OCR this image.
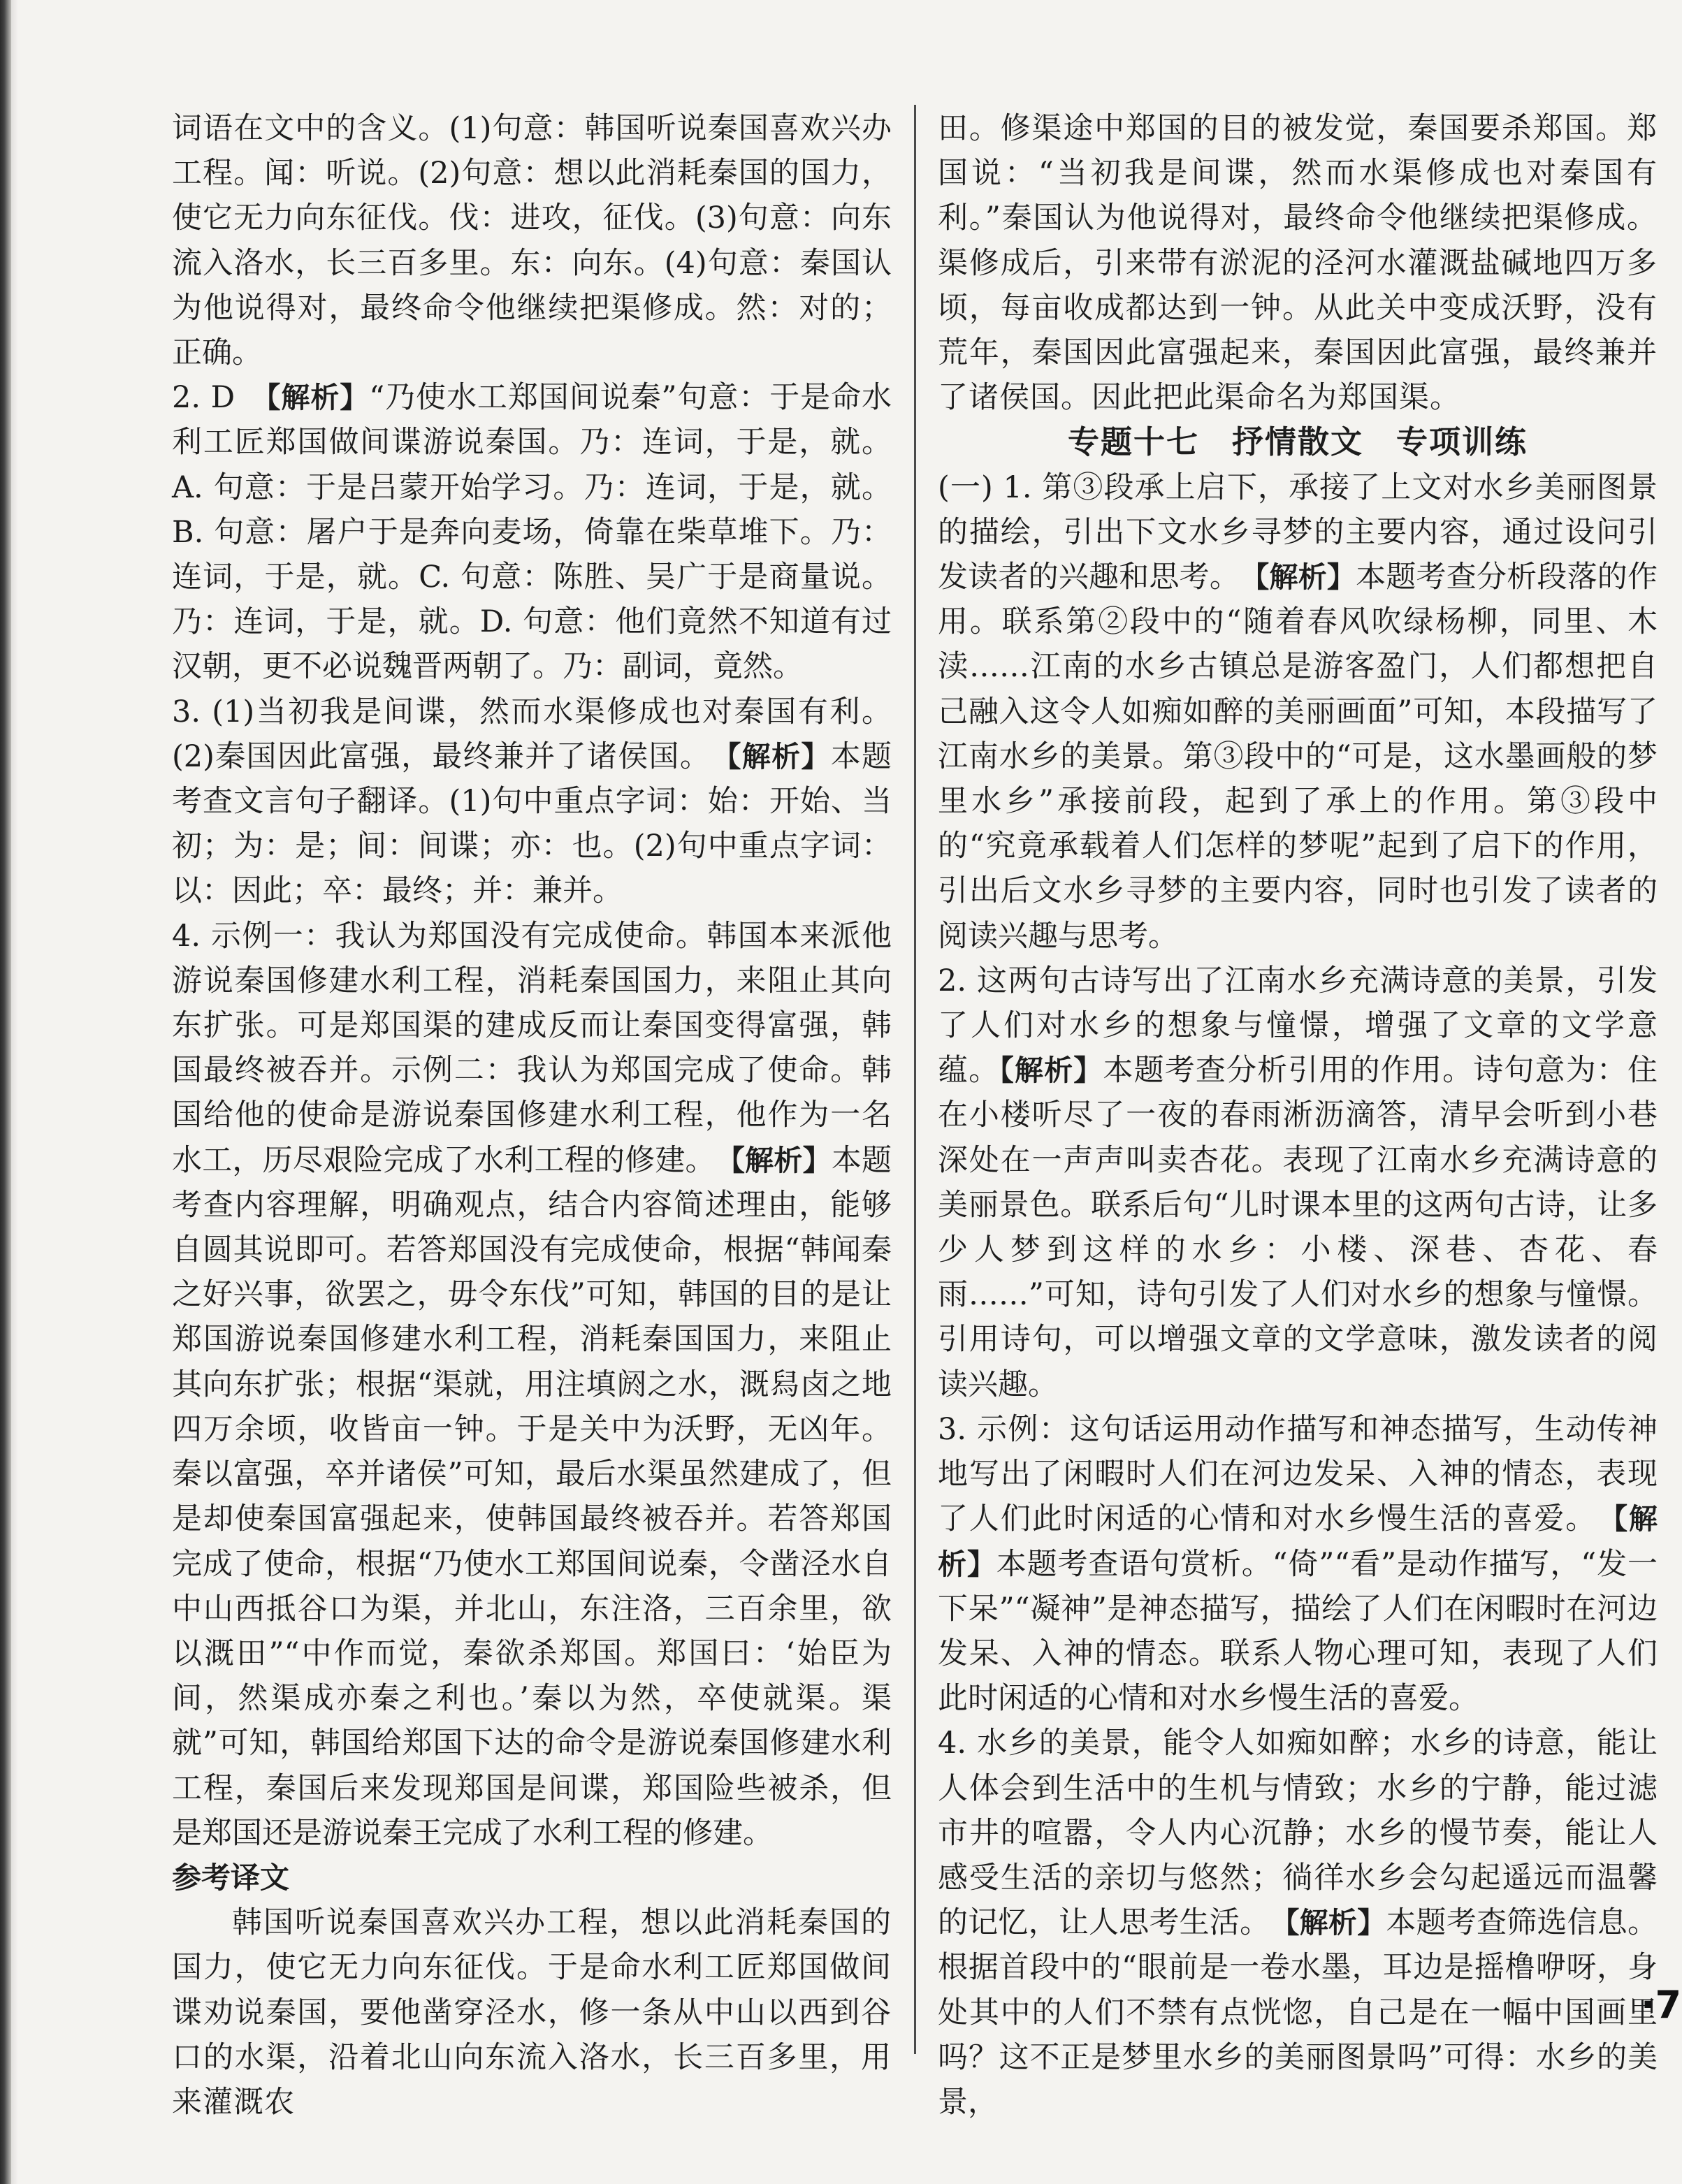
词语在文中的含义。(1)句意：韩国听说秦国喜欢兴办工程。闻：听说。(2)句意：想以此消耗秦国的国力，使它无力向东征伐。伐：进攻，征伐。(3)句意：向东流入洛水，长三百多里。东：向东。(4)句意：秦国认为他说得对，最终命令他继续把渠修成。然：对的；正确。

2. D　【解析】“乃使水工郑国间说秦”句意：于是命水利工匠郑国做间谍游说秦国。乃：连词，于是，就。A. 句意：于是吕蒙开始学习。乃：连词，于是，就。B. 句意：屠户于是奔向麦场，倚靠在柴草堆下。乃：连词，于是，就。C. 句意：陈胜、吴广于是商量说。乃：连词，于是，就。D. 句意：他们竟然不知道有过汉朝，更不必说魏晋两朝了。乃：副词，竟然。

3. (1)当初我是间谍，然而水渠修成也对秦国有利。(2)秦国因此富强，最终兼并了诸侯国。　【解析】本题考查文言句子翻译。(1)句中重点字词：始：开始、当初；为：是；间：间谍；亦：也。(2)句中重点字词：以：因此；卒：最终；并：兼并。

4. 示例一：我认为郑国没有完成使命。韩国本来派他游说秦国修建水利工程，消耗秦国国力，来阻止其向东扩张。可是郑国渠的建成反而让秦国变得富强，韩国最终被吞并。示例二：我认为郑国完成了使命。韩国给他的使命是游说秦国修建水利工程，他作为一名水工，历尽艰险完成了水利工程的修建。　【解析】本题考查内容理解，明确观点，结合内容简述理由，能够自圆其说即可。若答郑国没有完成使命，根据“韩闻秦之好兴事，欲罢之，毋令东伐”可知，韩国的目的是让郑国游说秦国修建水利工程，消耗秦国国力，来阻止其向东扩张；根据“渠就，用注填阏之水，溉舄卤之地四万余顷，收皆亩一钟。于是关中为沃野，无凶年。秦以富强，卒并诸侯”可知，最后水渠虽然建成了，但是却使秦国富强起来，使韩国最终被吞并。若答郑国完成了使命，根据“乃使水工郑国间说秦，令凿泾水自中山西抵谷口为渠，并北山，东注洛，三百余里，欲以溉田”“中作而觉，秦欲杀郑国。郑国曰：‘始臣为间，然渠成亦秦之利也。’秦以为然，卒使就渠。渠就”可知，韩国给郑国下达的命令是游说秦国修建水利工程，秦国后来发现郑国是间谍，郑国险些被杀，但是郑国还是游说秦王完成了水利工程的修建。

参考译文

韩国听说秦国喜欢兴办工程，想以此消耗秦国的国力，使它无力向东征伐。于是命水利工匠郑国做间谍劝说秦国，要他凿穿泾水，修一条从中山以西到谷口的水渠，沿着北山向东流入洛水，长三百多里，用来灌溉农

田。修渠途中郑国的目的被发觉，秦国要杀郑国。郑国说：“当初我是间谍，然而水渠修成也对秦国有利。”秦国认为他说得对，最终命令他继续把渠修成。渠修成后，引来带有淤泥的泾河水灌溉盐碱地四万多顷，每亩收成都达到一钟。从此关中变成沃野，没有荒年，秦国因此富强起来，秦国因此富强，最终兼并了诸侯国。因此把此渠命名为郑国渠。

专题十七　抒情散文　专项训练

(一) 1. 第③段承上启下，承接了上文对水乡美丽图景的描绘，引出下文水乡寻梦的主要内容，通过设问引发读者的兴趣和思考。　【解析】本题考查分析段落的作用。联系第②段中的“随着春风吹绿杨柳，同里、木渎……江南的水乡古镇总是游客盈门，人们都想把自己融入这令人如痴如醉的美丽画面”可知，本段描写了江南水乡的美景。第③段中的“可是，这水墨画般的梦里水乡”承接前段，起到了承上的作用。第③段中的“究竟承载着人们怎样的梦呢”起到了启下的作用，引出后文水乡寻梦的主要内容，同时也引发了读者的阅读兴趣与思考。

2. 这两句古诗写出了江南水乡充满诗意的美景，引发了人们对水乡的想象与憧憬，增强了文章的文学意蕴。【解析】本题考查分析引用的作用。诗句意为：住在小楼听尽了一夜的春雨淅沥滴答，清早会听到小巷深处在一声声叫卖杏花。表现了江南水乡充满诗意的美丽景色。联系后句“儿时课本里的这两句古诗，让多少人梦到这样的水乡：小楼、深巷、杏花、春雨……”可知，诗句引发了人们对水乡的想象与憧憬。引用诗句，可以增强文章的文学意味，激发读者的阅读兴趣。

3. 示例：这句话运用动作描写和神态描写，生动传神地写出了闲暇时人们在河边发呆、入神的情态，表现了人们此时闲适的心情和对水乡慢生活的喜爱。　【解析】本题考查语句赏析。“倚”“看”是动作描写，“发一下呆”“凝神”是神态描写，描绘了人们在闲暇时在河边发呆、入神的情态。联系人物心理可知，表现了人们此时闲适的心情和对水乡慢生活的喜爱。

4. 水乡的美景，能令人如痴如醉；水乡的诗意，能让人体会到生活中的生机与情致；水乡的宁静，能过滤市井的喧嚣，令人内心沉静；水乡的慢节奏，能让人感受生活的亲切与悠然；徜徉水乡会勾起遥远而温馨的记忆，让人思考生活。　【解析】本题考查筛选信息。根据首段中的“眼前是一卷水墨，耳边是摇橹咿呀，身处其中的人们不禁有点恍惚，自己是在一幅中国画里吗？这不正是梦里水乡的美丽图景吗”可得：水乡的美景，

·7
